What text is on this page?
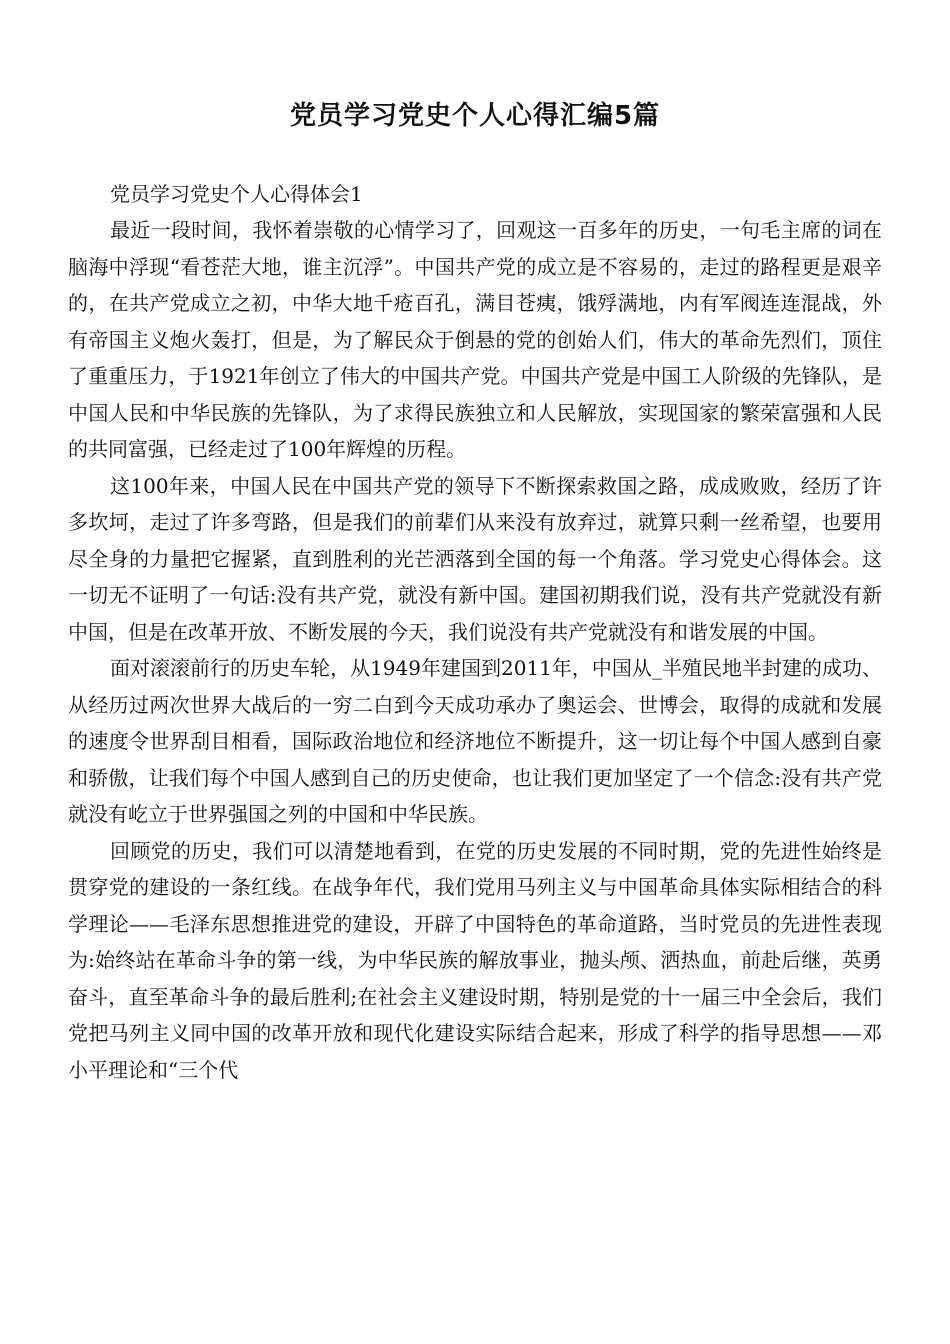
党员学习党史个人心得汇编5篇

党员学习党史个人心得体会1

最近一段时间，我怀着崇敬的心情学习了，回观这一百多年的历史，一句毛主席的词在脑海中浮现“看苍茫大地，谁主沉浮”。中国共产党的成立是不容易的，走过的路程更是艰辛的，在共产党成立之初，中华大地千疮百孔，满目苍痍，饿殍满地，内有军阀连连混战，外有帝国主义炮火轰打，但是，为了解民众于倒悬的党的创始人们，伟大的革命先烈们，顶住了重重压力，于1921年创立了伟大的中国共产党。中国共产党是中国工人阶级的先锋队，是中国人民和中华民族的先锋队，为了求得民族独立和人民解放，实现国家的繁荣富强和人民的共同富强，已经走过了100年辉煌的历程。

这100年来，中国人民在中国共产党的领导下不断探索救国之路，成成败败，经历了许多坎坷，走过了许多弯路，但是我们的前辈们从来没有放弃过，就算只剩一丝希望，也要用尽全身的力量把它握紧，直到胜利的光芒洒落到全国的每一个角落。学习党史心得体会。这一切无不证明了一句话:没有共产党，就没有新中国。建国初期我们说，没有共产党就没有新中国，但是在改革开放、不断发展的今天，我们说没有共产党就没有和谐发展的中国。

面对滚滚前行的历史车轮，从1949年建国到2011年，中国从_半殖民地半封建的成功、从经历过两次世界大战后的一穷二白到今天成功承办了奥运会、世博会，取得的成就和发展的速度令世界刮目相看，国际政治地位和经济地位不断提升，这一切让每个中国人感到自豪和骄傲，让我们每个中国人感到自己的历史使命，也让我们更加坚定了一个信念:没有共产党就没有屹立于世界强国之列的中国和中华民族。

回顾党的历史，我们可以清楚地看到，在党的历史发展的不同时期，党的先进性始终是贯穿党的建设的一条红线。在战争年代，我们党用马列主义与中国革命具体实际相结合的科学理论——毛泽东思想推进党的建设，开辟了中国特色的革命道路，当时党员的先进性表现为:始终站在革命斗争的第一线，为中华民族的解放事业，抛头颅、洒热血，前赴后继，英勇奋斗，直至革命斗争的最后胜利;在社会主义建设时期，特别是党的十一届三中全会后，我们党把马列主义同中国的改革开放和现代化建设实际结合起来，形成了科学的指导思想——邓小平理论和“三个代
